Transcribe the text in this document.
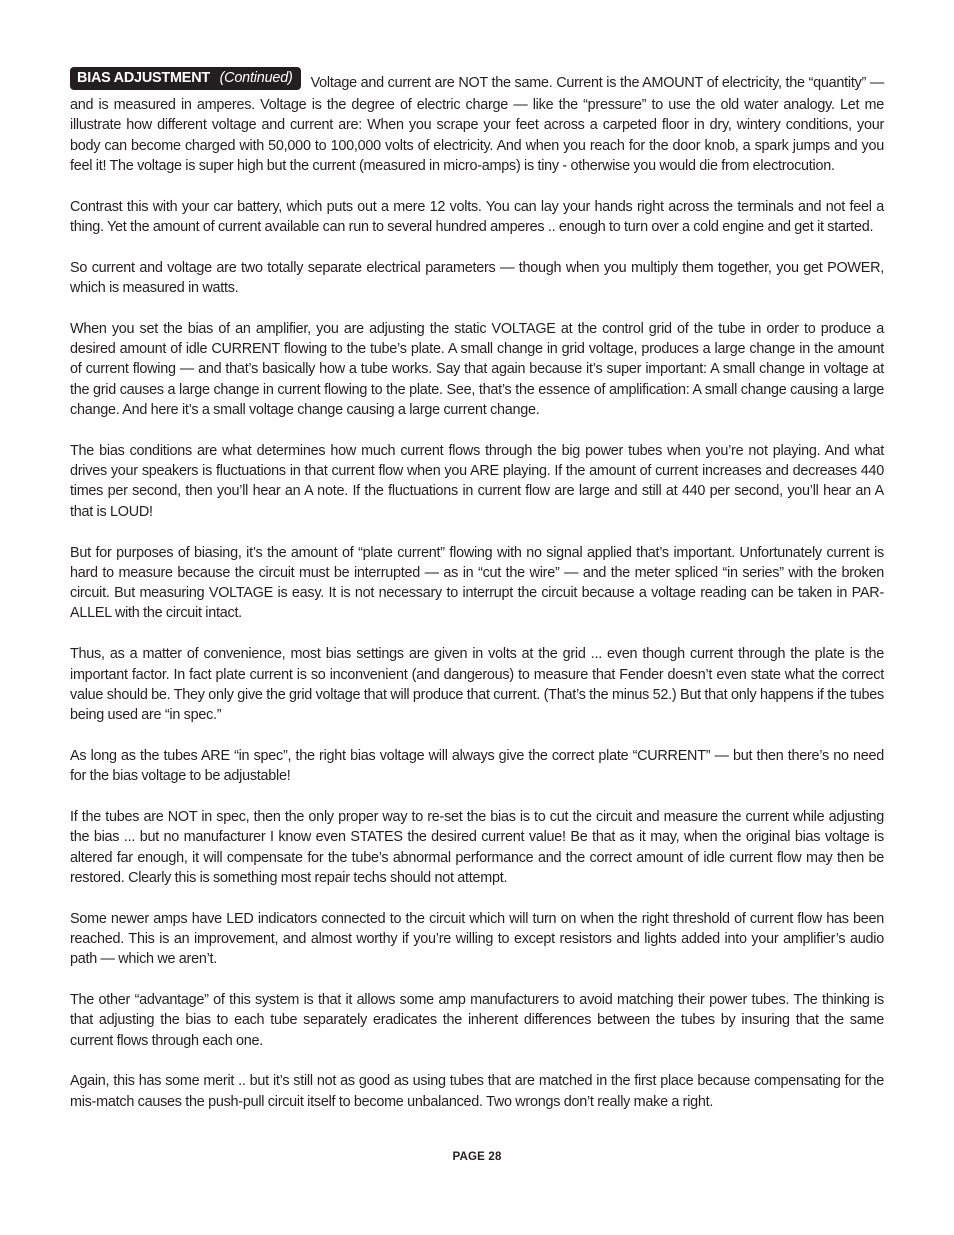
BIAS ADJUSTMENT (Continued) Voltage and current are NOT the same. Current is the AMOUNT of electricity, the “quantity” — and is measured in amperes. Voltage is the degree of electric charge — like the “pressure” to use the old water analogy. Let me illustrate how different voltage and current are: When you scrape your feet across a carpeted floor in dry, wintery conditions, your body can become charged with 50,000 to 100,000 volts of electricity. And when you reach for the door knob, a spark jumps and you feel it! The voltage is super high but the current (measured in micro-amps) is tiny - otherwise you would die from electrocution.

Contrast this with your car battery, which puts out a mere 12 volts. You can lay your hands right across the terminals and not feel a thing. Yet the amount of current available can run to several hundred amperes .. enough to turn over a cold engine and get it started.

So current and voltage are two totally separate electrical parameters — though when you multiply them together, you get POWER, which is measured in watts.

When you set the bias of an amplifier, you are adjusting the static VOLTAGE at the control grid of the tube in order to produce a desired amount of idle CURRENT flowing to the tube’s plate. A small change in grid voltage, produces a large change in the amount of current flowing — and that’s basically how a tube works. Say that again because it’s super important: A small change in voltage at the grid causes a large change in current flowing to the plate. See, that’s the essence of amplification: A small change causing a large change. And here it’s a small voltage change causing a large current change.

The bias conditions are what determines how much current flows through the big power tubes when you’re not playing. And what drives your speakers is fluctuations in that current flow when you ARE playing. If the amount of current increases and decreases 440 times per second, then you’ll hear an A note. If the fluctuations in current flow are large and still at 440 per second, you’ll hear an A that is LOUD!

But for purposes of biasing, it’s the amount of “plate current” flowing with no signal applied that’s important. Unfortunately current is hard to measure because the circuit must be interrupted — as in “cut the wire” — and the meter spliced “in series” with the broken circuit. But measuring VOLTAGE is easy. It is not necessary to interrupt the circuit because a voltage reading can be taken in PAR-ALLEL with the circuit intact.

Thus, as a matter of convenience, most bias settings are given in volts at the grid ... even though current through the plate is the important factor. In fact plate current is so inconvenient (and dangerous) to measure that Fender doesn’t even state what the correct value should be. They only give the grid voltage that will produce that current. (That’s the minus 52.) But that only happens if the tubes being used are “in spec.”

As long as the tubes ARE “in spec”, the right bias voltage will always give the correct plate “CURRENT” — but then there’s no need for the bias voltage to be adjustable!

If the tubes are NOT in spec, then the only proper way to re-set the bias is to cut the circuit and measure the current while adjusting the bias ... but no manufacturer I know even STATES the desired current value! Be that as it may, when the original bias voltage is altered far enough, it will compensate for the tube’s abnormal performance and the correct amount of idle current flow may then be restored. Clearly this is something most repair techs should not attempt.

Some newer amps have LED indicators connected to the circuit which will turn on when the right threshold of current flow has been reached. This is an improvement, and almost worthy if you’re willing to except resistors and lights added into your amplifier’s audio path — which we aren’t.

The other “advantage” of this system is that it allows some amp manufacturers to avoid matching their power tubes. The thinking is that adjusting the bias to each tube separately eradicates the inherent differences between the tubes by insuring that the same current flows through each one.

Again, this has some merit .. but it’s still not as good as using tubes that are matched in the first place because compensating for the mis-match causes the push-pull circuit itself to become unbalanced. Two wrongs don’t really make a right.

PAGE 28
